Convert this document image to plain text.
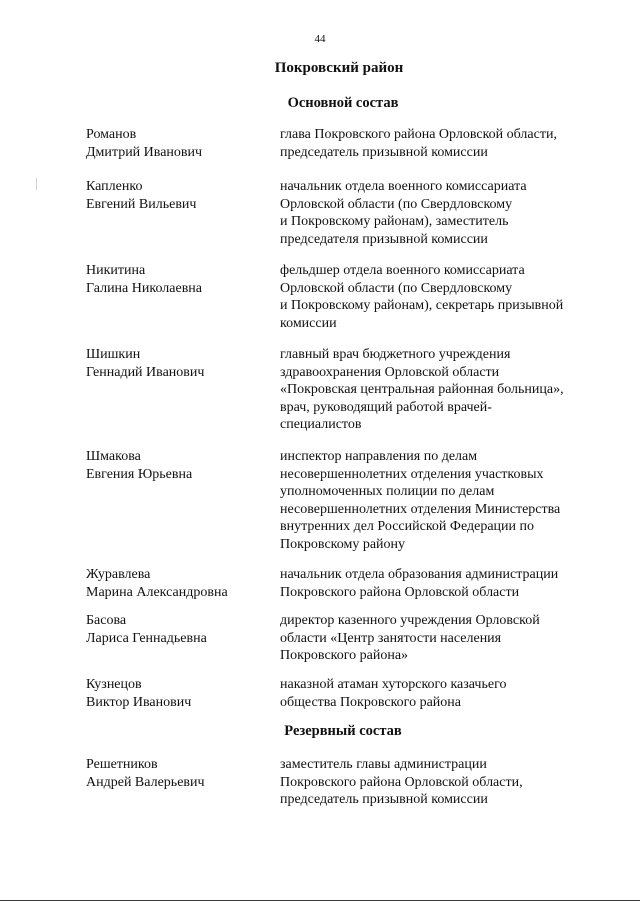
44
Покровский район
Основной состав
Романов
Дмитрий Иванович
глава Покровского района Орловской области,
председатель призывной комиссии
Капленко
Евгений Вильевич
начальник отдела военного комиссариата
Орловской области (по Свердловскому
и Покровскому районам), заместитель
председателя призывной комиссии
Никитина
Галина Николаевна
фельдшер отдела военного комиссариата
Орловской области (по Свердловскому
и Покровскому районам), секретарь призывной
комиссии
Шишкин
Геннадий Иванович
главный врач бюджетного учреждения
здравоохранения Орловской области
«Покровская центральная районная больница»,
врач, руководящий работой врачей-
специалистов
Шмакова
Евгения Юрьевна
инспектор направления по делам
несовершеннолетних отделения участковых
уполномоченных полиции по делам
несовершеннолетних отделения Министерства
внутренних дел Российской Федерации по
Покровскому району
Журавлева
Марина Александровна
начальник отдела образования администрации
Покровского района Орловской области
Басова
Лариса Геннадьевна
директор казенного учреждения Орловской
области «Центр занятости населения
Покровского района»
Кузнецов
Виктор Иванович
наказной атаман хуторского казачьего
общества Покровского района
Резервный состав
Решетников
Андрей Валерьевич
заместитель главы администрации
Покровского района Орловской области,
председатель призывной комиссии
